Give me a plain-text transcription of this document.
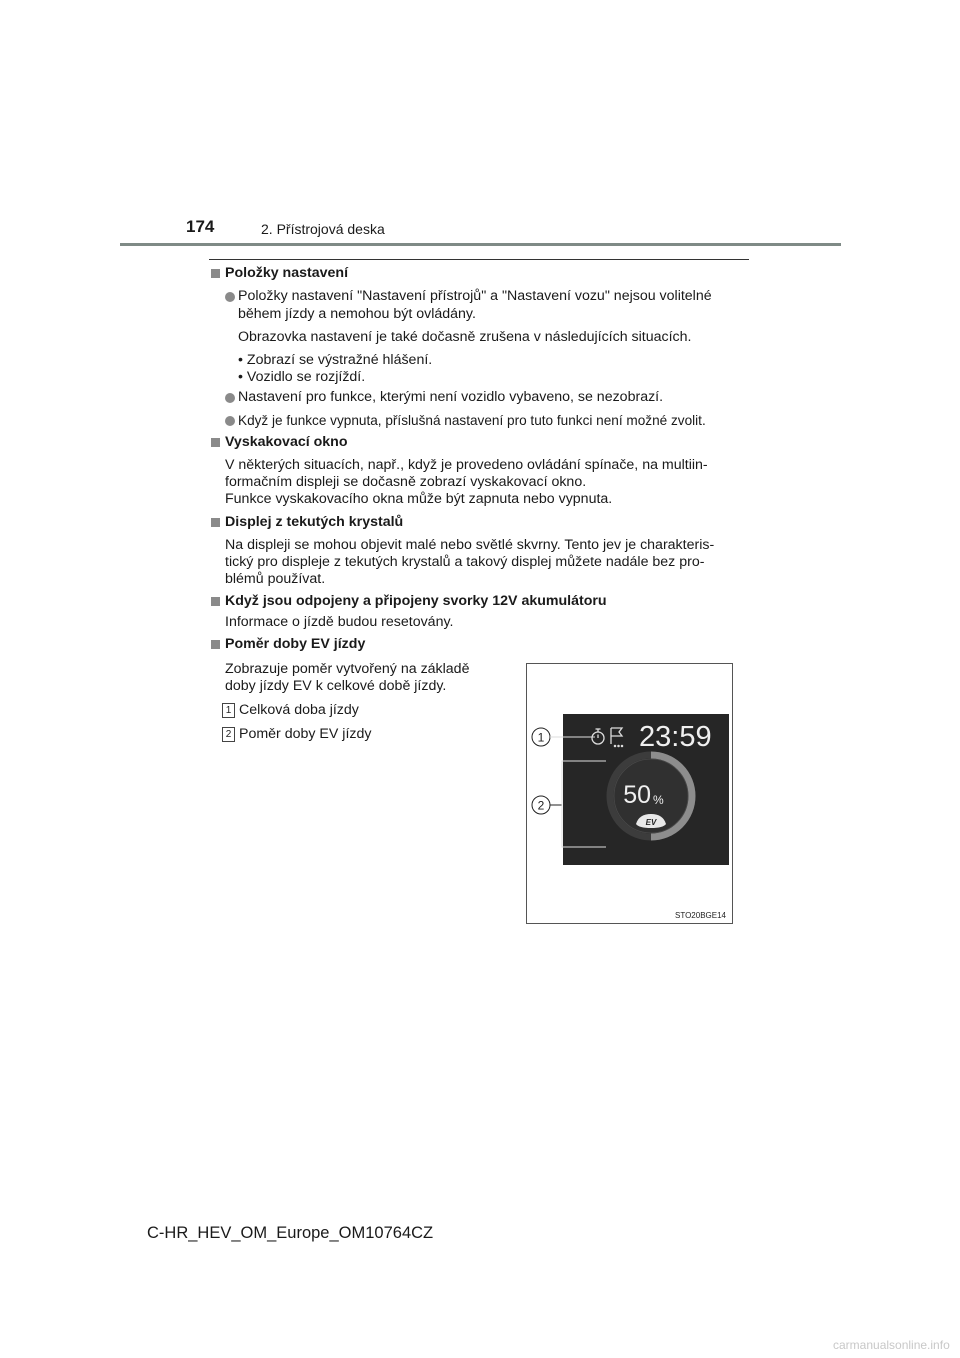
174	2. Přístrojová deska
Položky nastavení
Položky nastavení "Nastavení přístrojů" a "Nastavení vozu" nejsou volitelné
během jízdy a nemohou být ovládány.
Obrazovka nastavení je také dočasně zrušena v následujících situacích.
• Zobrazí se výstražné hlášení.
• Vozidlo se rozjíždí.
Nastavení pro funkce, kterými není vozidlo vybaveno, se nezobrazí.
Když je funkce vypnuta, příslušná nastavení pro tuto funkci není možné zvolit.
Vyskakovací okno
V některých situacích, např., když je provedeno ovládání spínače, na multiin-
formačním displeji se dočasně zobrazí vyskakovací okno.
Funkce vyskakovacího okna může být zapnuta nebo vypnuta.
Displej z tekutých krystalů
Na displeji se mohou objevit malé nebo světlé skvrny. Tento jev je charakteris-
tický pro displeje z tekutých krystalů a takový displej můžete nadále bez pro-
blémů používat.
Když jsou odpojeny a připojeny svorky 12V akumulátoru
Informace o jízdě budou resetovány.
Poměr doby EV jízdy
Zobrazuje poměr vytvořený na základě
doby jízdy EV k celkové době jízdy.
1 Celková doba jízdy
2 Poměr doby EV jízdy	1
2
23:59
50 %
EV
STO20BGE14
C-HR_HEV_OM_Europe_OM10764CZ
carmanualsonline.info
